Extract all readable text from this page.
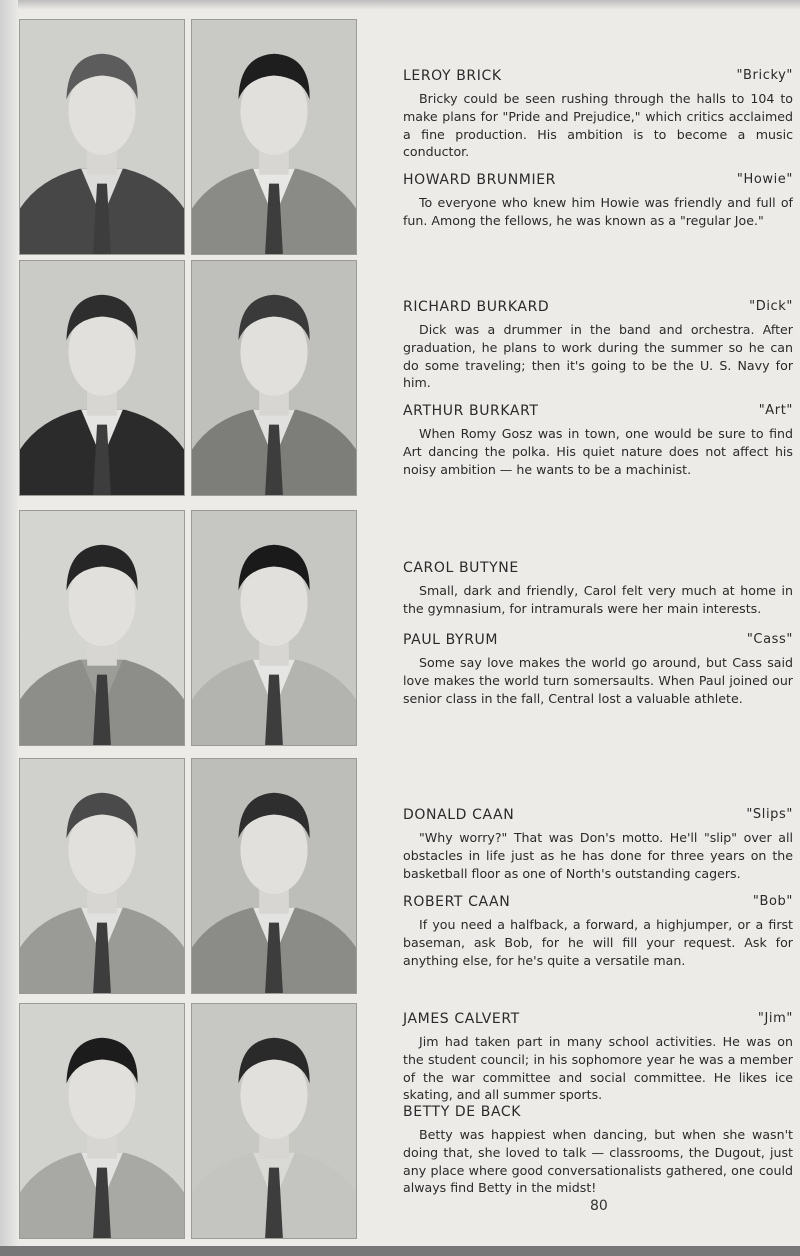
LEROY BRICK	"Bricky"

Bricky could be seen rushing through the halls to 104 to make plans for "Pride and Prejudice," which critics acclaimed a fine production. His ambition is to become a music conductor.

HOWARD BRUNMIER	"Howie"

To everyone who knew him Howie was friendly and full of fun. Among the fellows, he was known as a "regular Joe."

RICHARD BURKARD	"Dick"

Dick was a drummer in the band and orchestra. After graduation, he plans to work during the summer so he can do some traveling; then it's going to be the U. S. Navy for him.

ARTHUR BURKART	"Art"

When Romy Gosz was in town, one would be sure to find Art dancing the polka. His quiet nature does not affect his noisy ambition — he wants to be a machinist.

CAROL BUTYNE

Small, dark and friendly, Carol felt very much at home in the gymnasium, for intramurals were her main interests.

PAUL BYRUM	"Cass"

Some say love makes the world go around, but Cass said love makes the world turn somersaults. When Paul joined our senior class in the fall, Central lost a valuable athlete.

DONALD CAAN	"Slips"

"Why worry?" That was Don's motto. He'll "slip" over all obstacles in life just as he has done for three years on the basketball floor as one of North's outstanding cagers.

ROBERT CAAN	"Bob"

If you need a halfback, a forward, a highjumper, or a first baseman, ask Bob, for he will fill your request. Ask for anything else, for he's quite a versatile man.

JAMES CALVERT	"Jim"

Jim had taken part in many school activities. He was on the student council; in his sophomore year he was a member of the war committee and social committee. He likes ice skating, and all summer sports.

BETTY DE BACK

Betty was happiest when dancing, but when she wasn't doing that, she loved to talk — classrooms, the Dugout, just any place where good conversationalists gathered, one could always find Betty in the midst!

80
